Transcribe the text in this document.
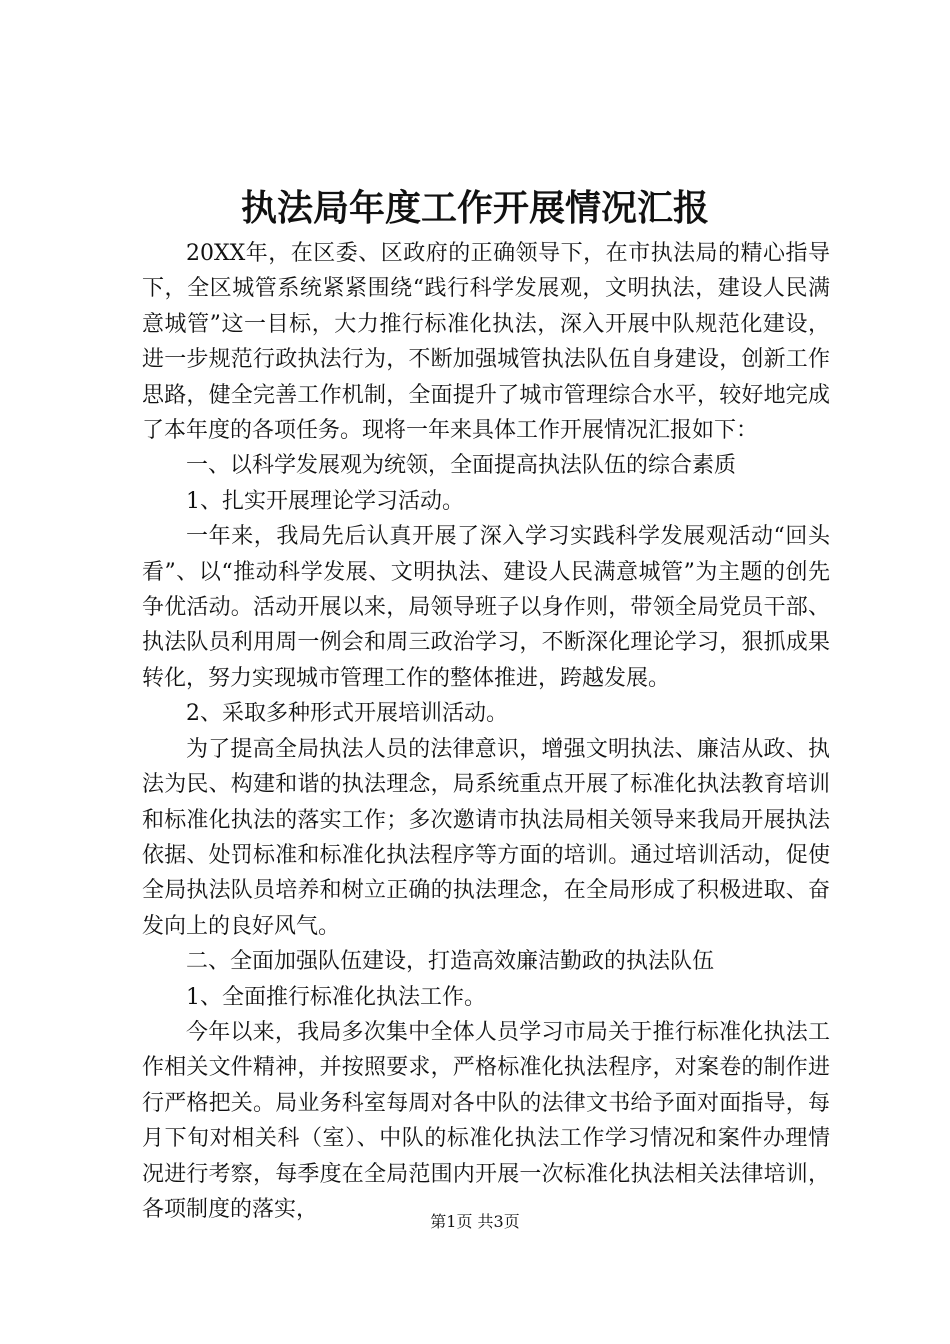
执法局年度工作开展情况汇报

20XX年，在区委、区政府的正确领导下，在市执法局的精心指导下，全区城管系统紧紧围绕“践行科学发展观，文明执法，建设人民满意城管”这一目标，大力推行标准化执法，深入开展中队规范化建设，进一步规范行政执法行为，不断加强城管执法队伍自身建设，创新工作思路，健全完善工作机制，全面提升了城市管理综合水平，较好地完成了本年度的各项任务。现将一年来具体工作开展情况汇报如下：

一、以科学发展观为统领，全面提高执法队伍的综合素质

1、扎实开展理论学习活动。

一年来，我局先后认真开展了深入学习实践科学发展观活动“回头看”、以“推动科学发展、文明执法、建设人民满意城管”为主题的创先争优活动。活动开展以来，局领导班子以身作则，带领全局党员干部、执法队员利用周一例会和周三政治学习，不断深化理论学习，狠抓成果转化，努力实现城市管理工作的整体推进，跨越发展。

2、采取多种形式开展培训活动。

为了提高全局执法人员的法律意识，增强文明执法、廉洁从政、执法为民、构建和谐的执法理念，局系统重点开展了标准化执法教育培训和标准化执法的落实工作；多次邀请市执法局相关领导来我局开展执法依据、处罚标准和标准化执法程序等方面的培训。通过培训活动，促使全局执法队员培养和树立正确的执法理念，在全局形成了积极进取、奋发向上的良好风气。

二、全面加强队伍建设，打造高效廉洁勤政的执法队伍

1、全面推行标准化执法工作。

今年以来，我局多次集中全体人员学习市局关于推行标准化执法工作相关文件精神，并按照要求，严格标准化执法程序，对案卷的制作进行严格把关。局业务科室每周对各中队的法律文书给予面对面指导，每月下旬对相关科（室）、中队的标准化执法工作学习情况和案件办理情况进行考察，每季度在全局范围内开展一次标准化执法相关法律培训，各项制度的落实，	第1页 共3页
